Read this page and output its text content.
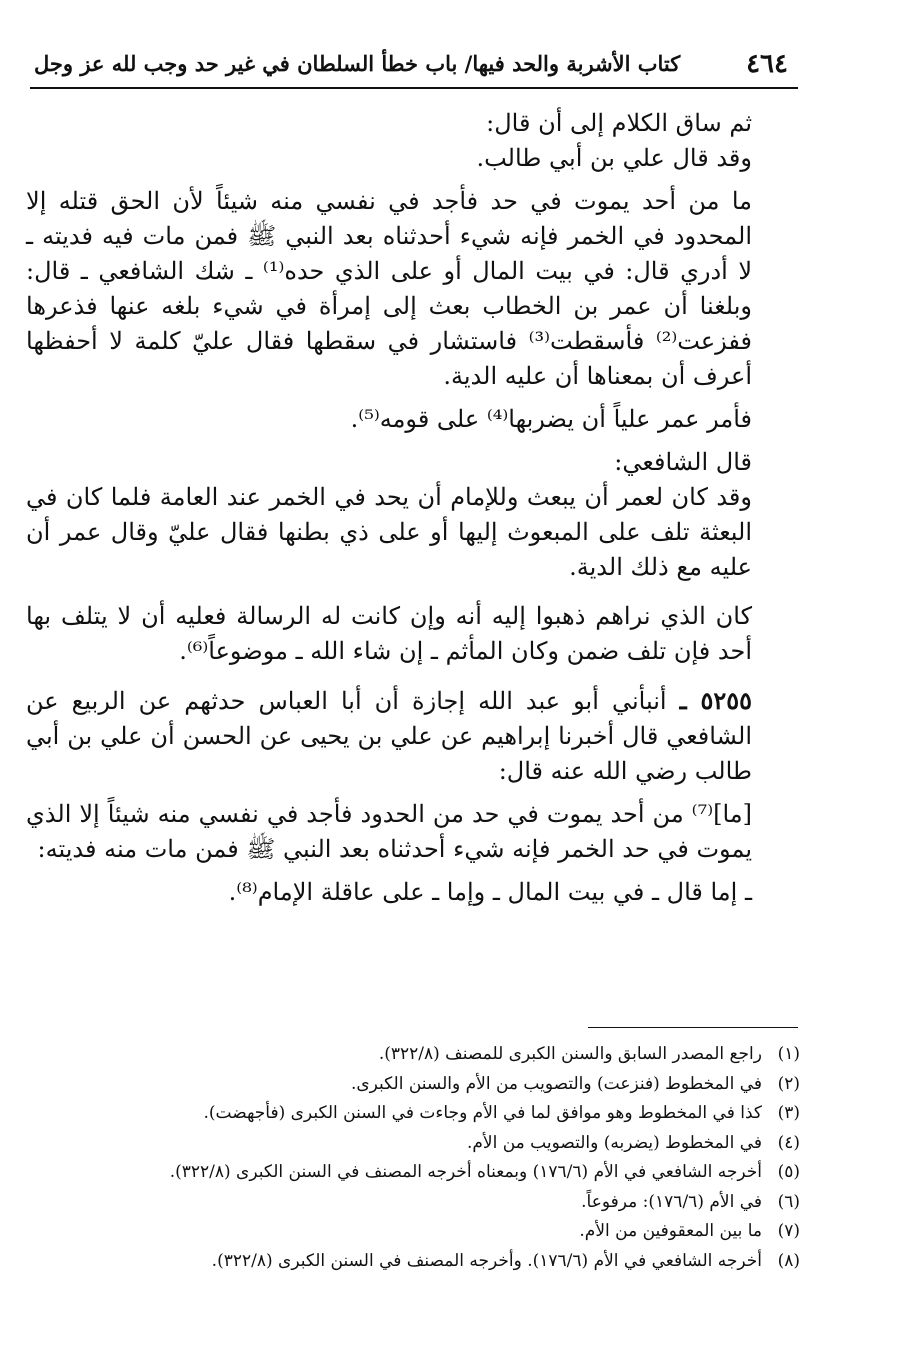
٤٦٤
كتاب الأشربة والحد فيها/ باب خطأ السلطان في غير حد وجب لله عز وجل

ثم ساق الكلام إلى أن قال:

وقد قال علي بن أبي طالب.

ما من أحد يموت في حد فأجد في نفسي منه شيئاً لأن الحق قتله إلا المحدود في الخمر فإنه شيء أحدثناه بعد النبي ﷺ فمن مات فيه فديته ـ لا أدري قال: في بيت المال أو على الذي حده⁽¹⁾ ـ شك الشافعي ـ قال: وبلغنا أن عمر بن الخطاب بعث إلى إمرأة في شيء بلغه عنها فذعرها ففزعت⁽²⁾ فأسقطت⁽³⁾ فاستشار في سقطها فقال عليّ كلمة لا أحفظها أعرف أن بمعناها أن عليه الدية.

فأمر عمر علياً أن يضربها⁽⁴⁾ على قومه⁽⁵⁾.

قال الشافعي:

وقد كان لعمر أن يبعث وللإمام أن يحد في الخمر عند العامة فلما كان في البعثة تلف على المبعوث إليها أو على ذي بطنها فقال عليّ وقال عمر أن عليه مع ذلك الدية.

كان الذي نراهم ذهبوا إليه أنه وإن كانت له الرسالة فعليه أن لا يتلف بها أحد فإن تلف ضمن وكان المأثم ـ إن شاء الله ـ موضوعاً⁽⁶⁾.

٥٢٥٥ ـ أنبأني أبو عبد الله إجازة أن أبا العباس حدثهم عن الربيع عن الشافعي قال أخبرنا إبراهيم عن علي بن يحيى عن الحسن أن علي بن أبي طالب رضي الله عنه قال:

[ما]⁽⁷⁾ من أحد يموت في حد من الحدود فأجد في نفسي منه شيئاً إلا الذي يموت في حد الخمر فإنه شيء أحدثناه بعد النبي ﷺ فمن مات منه فديته:

ـ إما قال ـ في بيت المال ـ وإما ـ على عاقلة الإمام⁽⁸⁾.

(١)راجع المصدر السابق والسنن الكبرى للمصنف (٣٢٢/٨).
(٢)في المخطوط (فنزعت) والتصويب من الأم والسنن الكبرى.
(٣)كذا في المخطوط وهو موافق لما في الأم وجاءت في السنن الكبرى (فأجهضت).
(٤)في المخطوط (يضربه) والتصويب من الأم.
(٥)أخرجه الشافعي في الأم (١٧٦/٦) وبمعناه أخرجه المصنف في السنن الكبرى (٣٢٢/٨).
(٦)في الأم (١٧٦/٦): مرفوعاً.
(٧)ما بين المعقوفين من الأم.
(٨)أخرجه الشافعي في الأم (١٧٦/٦). وأخرجه المصنف في السنن الكبرى (٣٢٢/٨).
